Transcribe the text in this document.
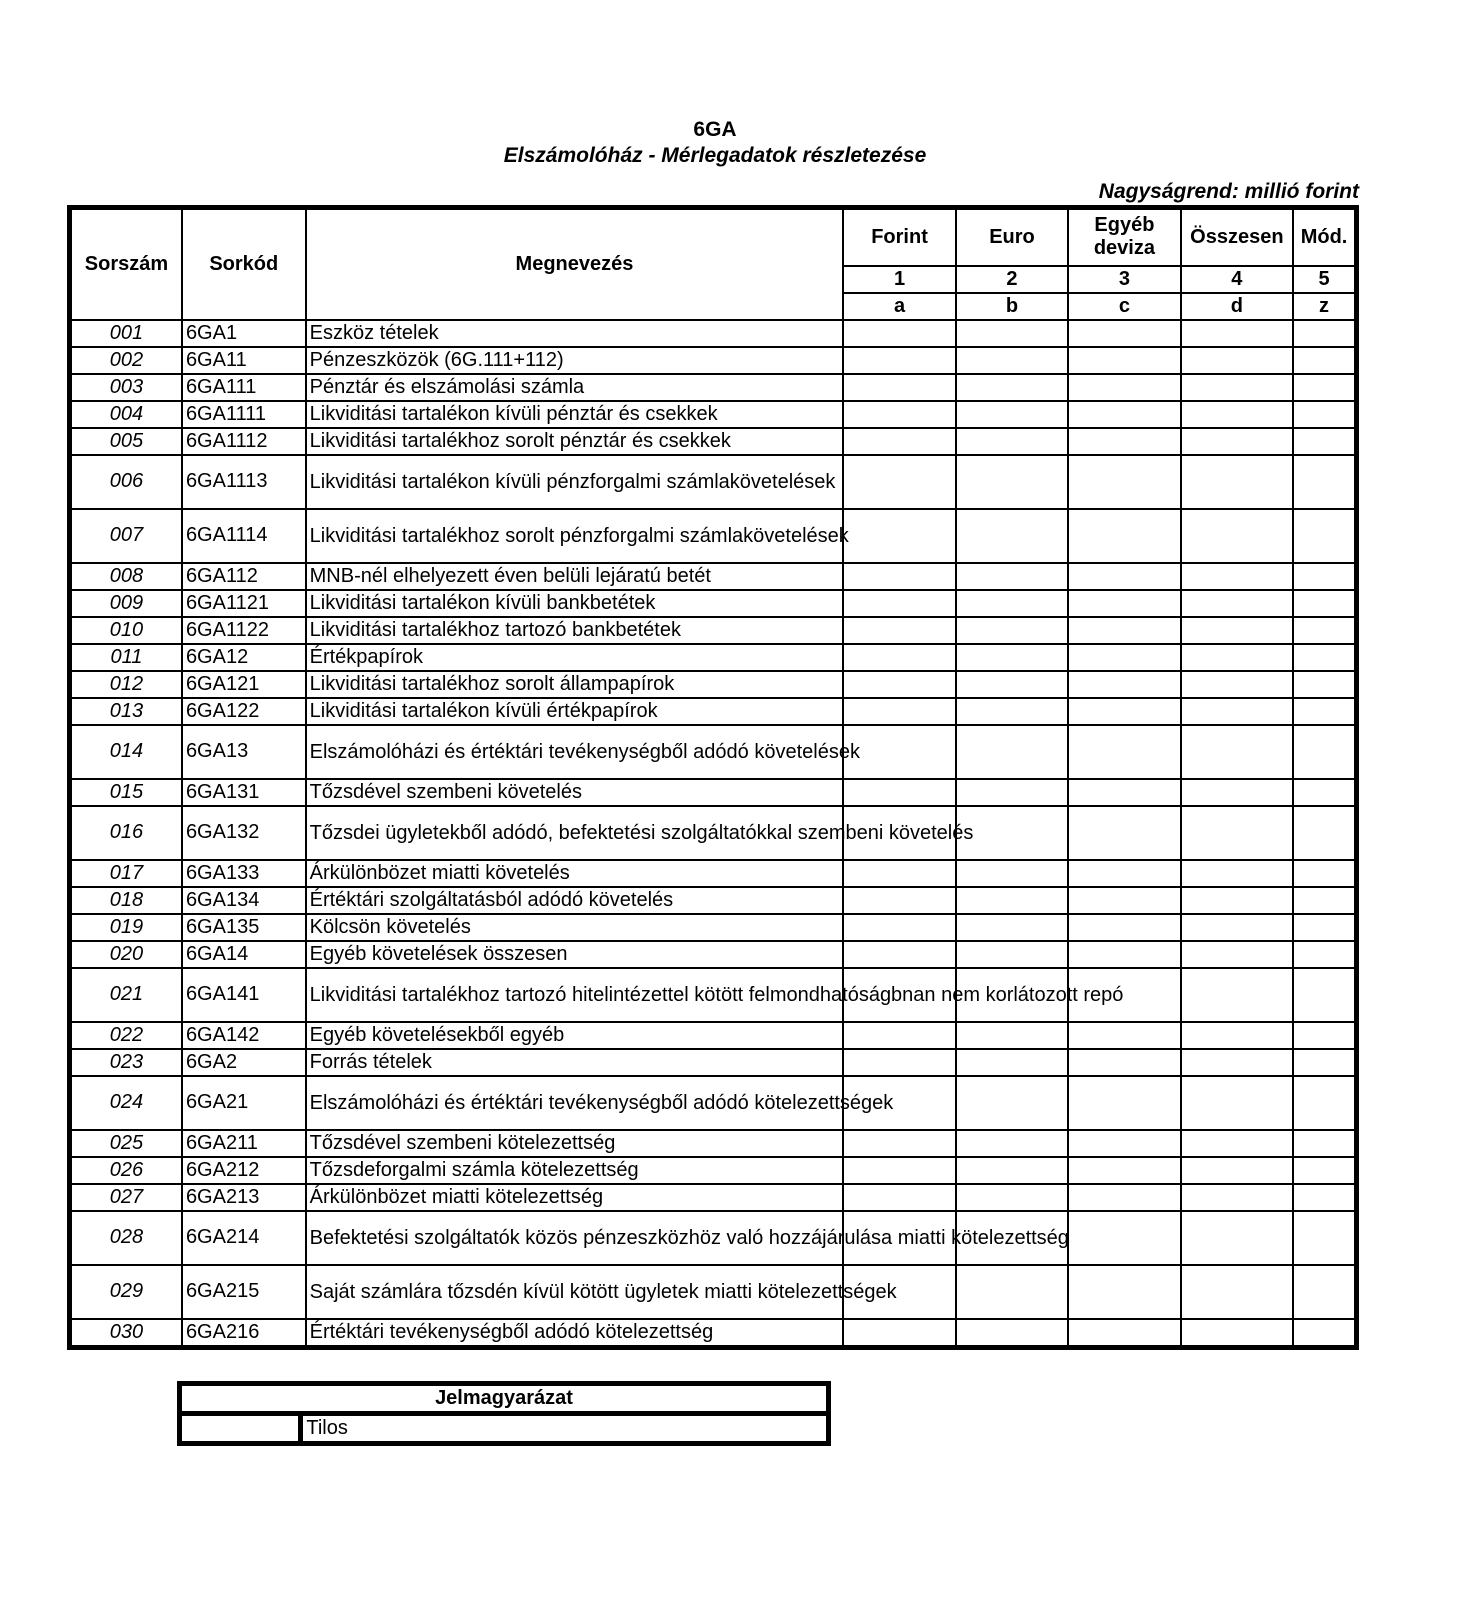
6GA
Elszámolóház - Mérlegadatok részletezése
Nagyságrend: millió forint
Sorszám	Sorkód	Megnevezés	Forint	Euro	Egyéb deviza	Összesen	Mód.
			1	2	3	4	5
			a	b	c	d	z
001	6GA1	Eszköz tételek					
002	6GA11	Pénzeszközök (6G.111+112)					
003	6GA111	Pénztár és elszámolási számla					
004	6GA1111	Likviditási tartalékon kívüli pénztár és csekkek					
005	6GA1112	Likviditási tartalékhoz sorolt pénztár és csekkek					
006	6GA1113	Likviditási tartalékon kívüli pénzforgalmi számlakövetelések					
007	6GA1114	Likviditási tartalékhoz sorolt pénzforgalmi számlakövetelések					
008	6GA112	MNB-nél elhelyezett éven belüli lejáratú betét					
009	6GA1121	Likviditási tartalékon kívüli bankbetétek					
010	6GA1122	Likviditási tartalékhoz tartozó bankbetétek					
011	6GA12	Értékpapírok					
012	6GA121	Likviditási tartalékhoz sorolt állampapírok					
013	6GA122	Likviditási tartalékon kívüli értékpapírok					
014	6GA13	Elszámolóházi és értéktári tevékenységből adódó követelések					
015	6GA131	Tőzsdével szembeni követelés					
016	6GA132	Tőzsdei ügyletekből adódó, befektetési szolgáltatókkal szembeni követelés					
017	6GA133	Árkülönbözet miatti követelés					
018	6GA134	Értéktári szolgáltatásból adódó követelés					
019	6GA135	Kölcsön követelés					
020	6GA14	Egyéb követelések összesen					
021	6GA141	Likviditási tartalékhoz tartozó hitelintézettel kötött felmondhatóságbnan nem korlátozott repó					
022	6GA142	Egyéb követelésekből egyéb					
023	6GA2	Forrás tételek					
024	6GA21	Elszámolóházi és értéktári tevékenységből adódó kötelezettségek					
025	6GA211	Tőzsdével szembeni kötelezettség					
026	6GA212	Tőzsdeforgalmi számla kötelezettség					
027	6GA213	Árkülönbözet miatti kötelezettség					
028	6GA214	Befektetési szolgáltatók közös pénzeszközhöz való hozzájárulása miatti kötelezettség					
029	6GA215	Saját számlára tőzsdén kívül kötött ügyletek miatti kötelezettségek					
030	6GA216	Értéktári tevékenységből adódó kötelezettség					
Jelmagyarázat
	Tilos
